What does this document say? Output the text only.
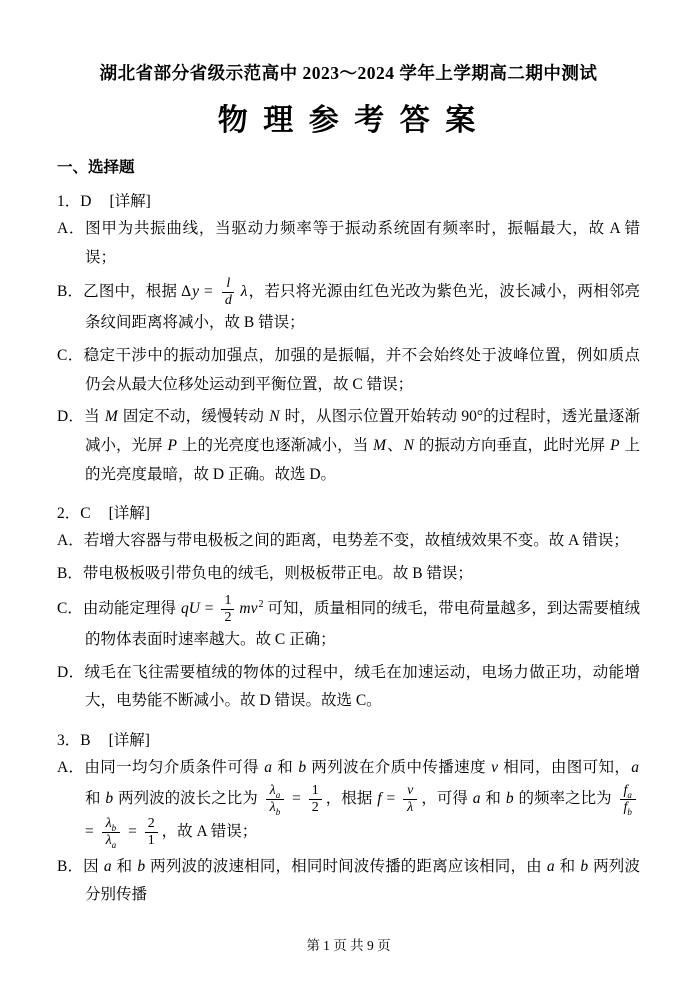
湖北省部分省级示范高中 2023～2024 学年上学期高二期中测试
物 理 参 考 答 案
一、选择题

1．D [详解]

A．图甲为共振曲线，当驱动力频率等于振动系统固有频率时，振幅最大，故 A 错误；

B．乙图中，根据 $\Delta y = \frac{l}{d}$ λ，若只将光源由红色光改为紫色光，波长减小，两相邻亮条纹间距离将减小，故 B 错误；

C．稳定干涉中的振动加强点，加强的是振幅，并不会始终处于波峰位置，例如质点仍会从最大位移处运动到平衡位置，故 C 错误；

D．当 M 固定不动，缓慢转动 N 时，从图示位置开始转动 90°的过程时，透光量逐渐减小，光屏 P 上的光亮度也逐渐减小，当 M、N 的振动方向垂直，此时光屏 P 上的光亮度最暗，故 D 正确。故选 D。

2．C [详解]

A．若增大容器与带电极板之间的距离，电势差不变，故植绒效果不变。故 A 错误；

B．带电极板吸引带负电的绒毛，则极板带正电。故 B 错误；

C．由动能定理得 qU = $\frac{1}{2} mv^2$ 可知，质量相同的绒毛，带电荷量越多，到达需要植绒的物体表面时速率越大。故 C 正确；

D．绒毛在飞往需要植绒的物体的过程中，绒毛在加速运动，电场力做正功，动能增大，电势能不断减小。故 D 错误。故选 C。

3．B [详解]

A．由同一均匀介质条件可得 a 和 b 两列波在介质中传播速度 v 相同，由图可知，a 和 b 两列波的波长之比为 $\frac{\lambda_a}{\lambda_b} = \frac{1}{2}$ ，根据 $f = \frac{v}{\lambda}$ ，可得 a 和 b 的频率之比为 $\frac{f_a}{f_b}$
= $\frac{\lambda_b}{\lambda_a} = \frac{2}{1}$ ，故 A 错误；

B．因 a 和 b 两列波的波速相同，相同时间波传播的距离应该相同，由 a 和 b 两列波分别传播

第 1 页 共 9 页
